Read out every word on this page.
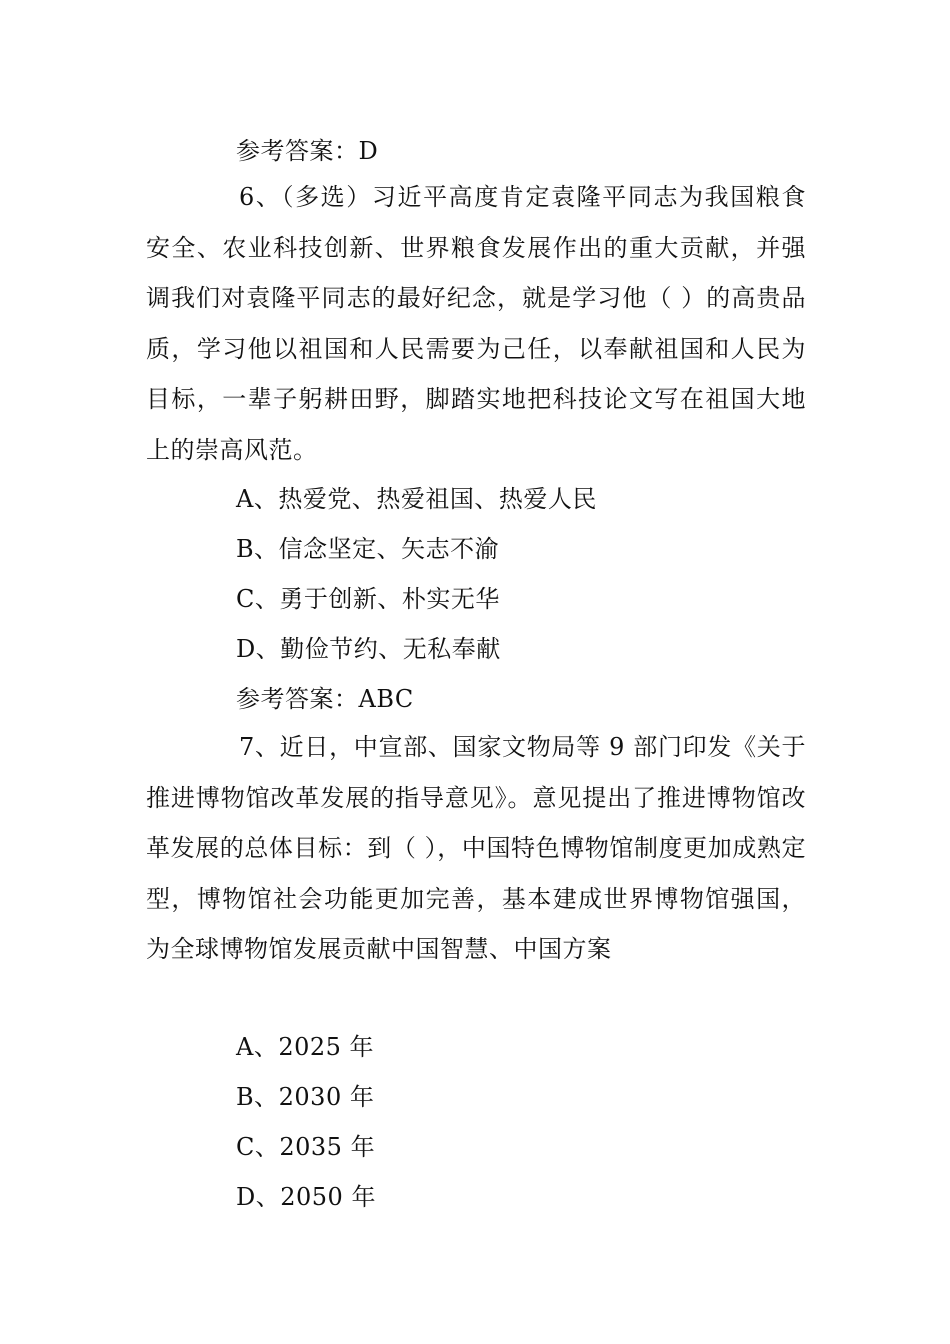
参考答案：D
6、（多选）习近平高度肯定袁隆平同志为我国粮食安全、农业科技创新、世界粮食发展作出的重大贡献，并强调我们对袁隆平同志的最好纪念，就是学习他（ ）的高贵品质，学习他以祖国和人民需要为己任，以奉献祖国和人民为目标，一辈子躬耕田野，脚踏实地把科技论文写在祖国大地上的崇高风范。
A、热爱党、热爱祖国、热爱人民
B、信念坚定、矢志不渝
C、勇于创新、朴实无华
D、勤俭节约、无私奉献
参考答案：ABC
7、近日，中宣部、国家文物局等 9 部门印发《关于推进博物馆改革发展的指导意见》。意见提出了推进博物馆改革发展的总体目标：到（ ），中国特色博物馆制度更加成熟定型，博物馆社会功能更加完善，基本建成世界博物馆强国，为全球博物馆发展贡献中国智慧、中国方案
A、2025 年
B、2030 年
C、2035 年
D、2050 年
